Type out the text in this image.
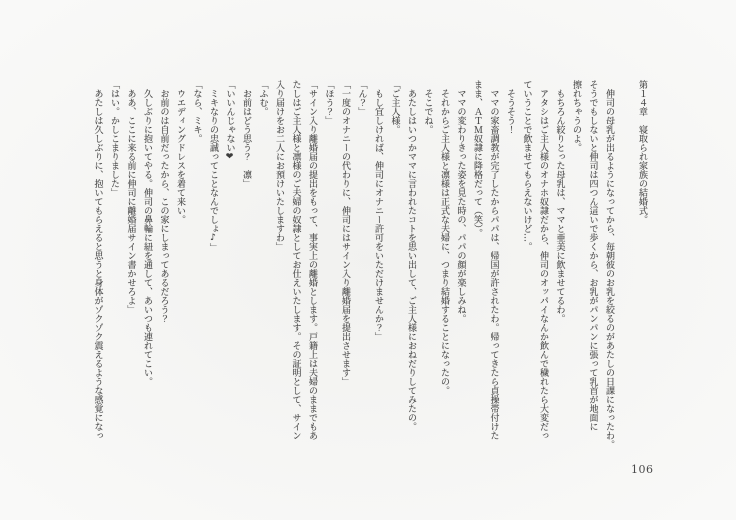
第１４章　寝取られ家族の結婚式。
　伸司の母乳が出るようになってから、毎朝彼のお乳を絞るのがあたしの日課になったわ。
そうでもしないと伸司は四つん這いで歩くから、お乳がパンパンに張って乳首が地面に
擦れちゃうのよ。
　もちろん絞りとった母乳は、ママと亜美に飲ませてるわ。
　アタシはご主人様のオナホ奴隷だから、伸司のオッパイなんか飲んで穢れたら大変だっ
ていうことで飲ませてもらえないけど…。
　そうそう！
　ママの家畜調教が完了したからパパは、帰国が許されたわ。帰ってきたら貞操帯付けた
まま、ＡＴＭ奴隷に降格だって（笑）。
　ママの変わりきった姿を見た時の、パパの顔が楽しみね。
　それからご主人様と凛様は正式な夫婦に、つまり結婚することになったの。
　そこでね。
　あたしはいつかママに言われたコトを思い出して、ご主人様におねだりしてみたの。
「ご主人様。
　もし宜しければ、伸司にオナニー許可をいただけませんか？」
「ん？」
「一度のオナニーの代わりに、伸司にはサイン入り離婚届を提出させます」
「ほう？」
「サイン入り離婚届の提出をもって、事実上の離婚とします。戸籍上は夫婦のままでもあ
たしはご主人様と凛様のご夫婦の奴隷としてお仕えいたします。その証明として、サイン
入り届けをお二人にお預けいたしますわ」
「ふむ。
　お前はどう思う？　凛」
「いいんじゃない❤
　ミキなりの忠誠ってことなんでしょ♪」
「なら、ミキ。
　ウエディングドレスを着て来い。
　お前のは自前だったから、この家にしまってあるだろう？
　久しぶりに抱いてやる。伸司の鼻輪に紐を通して、あいつも連れてこい。
　ああ、ここに来る前に伸司に離婚届サイン書かせろよ」
「はい。かしこまりました」
　あたしは久しぶりに、抱いてもらえると思うと身体がゾクゾク震えるような感覚になっ
106
